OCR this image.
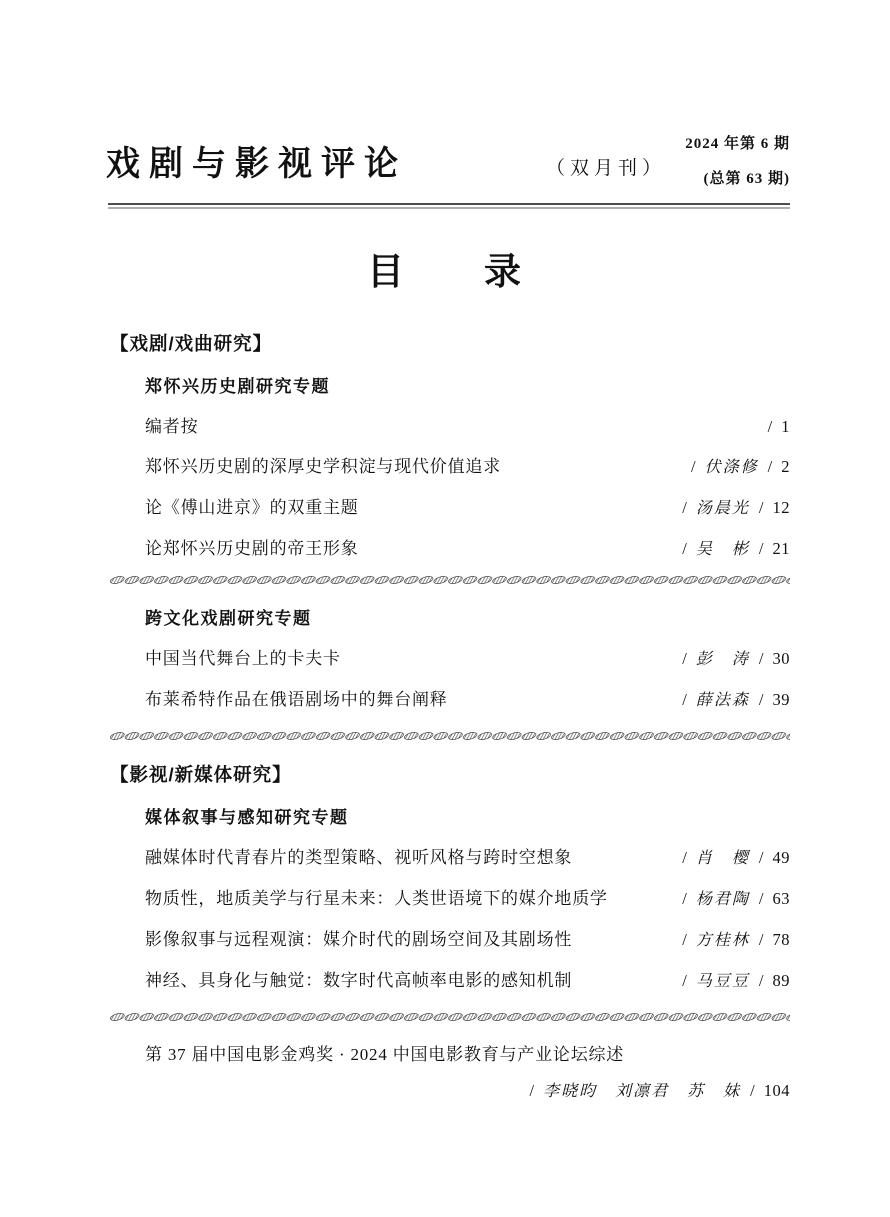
戏剧与影视评论	（双月刊）
2024 年第 6 期
(总第 63 期)
目　　录
【戏剧/戏曲研究】
郑怀兴历史剧研究专题
编者按	/ 1
郑怀兴历史剧的深厚史学积淀与现代价值追求	/ 伏涤修 / 2
论《傅山进京》的双重主题	/ 汤晨光 / 12
论郑怀兴历史剧的帝王形象	/ 吴　彬 / 21
跨文化戏剧研究专题
中国当代舞台上的卡夫卡	/ 彭　涛 / 30
布莱希特作品在俄语剧场中的舞台阐释	/ 薛法森 / 39
【影视/新媒体研究】
媒体叙事与感知研究专题
融媒体时代青春片的类型策略、视听风格与跨时空想象	/ 肖　樱 / 49
物质性，地质美学与行星未来：人类世语境下的媒介地质学	/ 杨君陶 / 63
影像叙事与远程观演：媒介时代的剧场空间及其剧场性	/ 方桂林 / 78
神经、具身化与触觉：数字时代高帧率电影的感知机制	/ 马豆豆 / 89
第 37 届中国电影金鸡奖 · 2024 中国电影教育与产业论坛综述
/ 李晓昀　刘凛君　苏　妹 / 104
